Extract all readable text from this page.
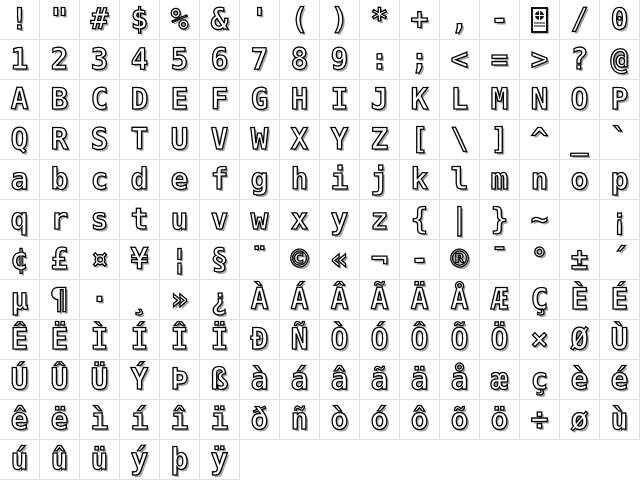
! " # $ % & ' ( ) * + , -	/ 0
1 2 3 4 5 6 7 8 9 : ; < = > ? @
A B C D E F G H I J K L M N O P
Q R S T U V W X Y Z [ \ ] ^ _ `
a b c d e f g h i j k l m n o p
q r s t u v w x y z { | } ~	¡
¢ £ ¤ ¥ ¦ § ¨ © « ¬ - ® ¯ ° ± ´
µ ¶ · ¸ » ¿ À Á Â Ã Ä Å Æ Ç È É
Ê Ë Ì Í Î Ï Ð Ñ Ò Ó Ô Õ Ö × Ø Ù
Ú Û Ü Ý Þ ß à á â ã ä å æ ç è é
ê ë ì í î ï ð ñ ò ó ô õ ö ÷ ø ù
ú û ü ý þ ÿ
